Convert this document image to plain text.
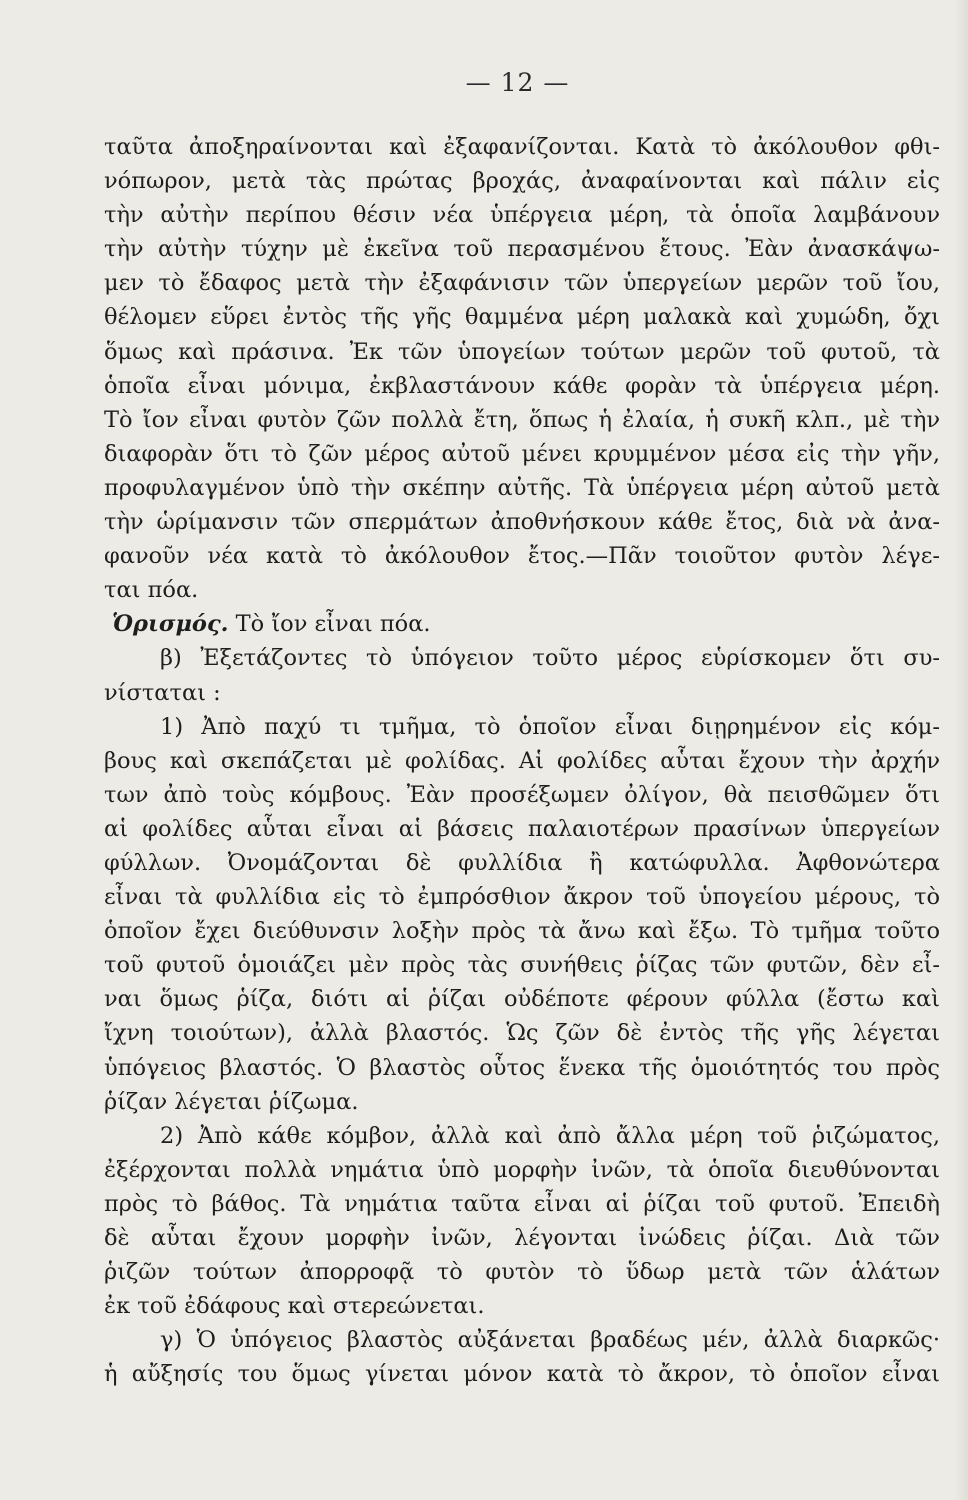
— 12 —
ταῦτα ἀποξηραίνονται καὶ ἐξαφανίζονται. Κατὰ τὸ ἀκόλουθον φθι-
νόπωρον, μετὰ τὰς πρώτας βροχάς, ἀναφαίνονται καὶ πάλιν εἰς
τὴν αὐτὴν περίπου θέσιν νέα ὑπέργεια μέρη, τὰ ὁποῖα λαμβάνουν
τὴν αὐτὴν τύχην μὲ ἐκεῖνα τοῦ περασμένου ἔτους. Ἐὰν ἀνασκάψω-
μεν τὸ ἔδαφος μετὰ τὴν ἐξαφάνισιν τῶν ὑπεργείων μερῶν τοῦ ἴου,
θέλομεν εὕρει ἐντὸς τῆς γῆς θαμμένα μέρη μαλακὰ καὶ χυμώδη, ὄχι
ὅμως καὶ πράσινα. Ἐκ τῶν ὑπογείων τούτων μερῶν τοῦ φυτοῦ, τὰ
ὁποῖα εἶναι μόνιμα, ἐκβλαστάνουν κάθε φορὰν τὰ ὑπέργεια μέρη.
Τὸ ἴον εἶναι φυτὸν ζῶν πολλὰ ἔτη, ὅπως ἡ ἐλαία, ἡ συκῆ κλπ., μὲ τὴν
διαφορὰν ὅτι τὸ ζῶν μέρος αὐτοῦ μένει κρυμμένον μέσα εἰς τὴν γῆν,
προφυλαγμένον ὑπὸ τὴν σκέπην αὐτῆς. Τὰ ὑπέργεια μέρη αὐτοῦ μετὰ
τὴν ὡρίμανσιν τῶν σπερμάτων ἀποθνήσκουν κάθε ἔτος, διὰ νὰ ἀνα-
φανοῦν νέα κατὰ τὸ ἀκόλουθον ἔτος.—Πᾶν τοιοῦτον φυτὸν λέγε-
ται πόα.
Ὁρισμός. Τὸ ἴον εἶναι πόα.
β) Ἐξετάζοντες τὸ ὑπόγειον τοῦτο μέρος εὑρίσκομεν ὅτι συ-
νίσταται :
1) Ἀπὸ παχύ τι τμῆμα, τὸ ὁποῖον εἶναι διῃρημένον εἰς κόμ-
βους καὶ σκεπάζεται μὲ φολίδας. Αἱ φολίδες αὗται ἔχουν τὴν ἀρχήν
των ἀπὸ τοὺς κόμβους. Ἐὰν προσέξωμεν ὀλίγον, θὰ πεισθῶμεν ὅτι
αἱ φολίδες αὗται εἶναι αἱ βάσεις παλαιοτέρων πρασίνων ὑπεργείων
φύλλων. Ὀνομάζονται δὲ φυλλίδια ἢ κατώφυλλα. Ἀφθονώτερα
εἶναι τὰ φυλλίδια εἰς τὸ ἐμπρόσθιον ἄκρον τοῦ ὑπογείου μέρους, τὸ
ὁποῖον ἔχει διεύθυνσιν λοξὴν πρὸς τὰ ἄνω καὶ ἔξω. Τὸ τμῆμα τοῦτο
τοῦ φυτοῦ ὁμοιάζει μὲν πρὸς τὰς συνήθεις ῥίζας τῶν φυτῶν, δὲν εἶ-
ναι ὅμως ῥίζα, διότι αἱ ῥίζαι οὐδέποτε φέρουν φύλλα (ἔστω καὶ
ἴχνη τοιούτων), ἀλλὰ βλαστός. Ὡς ζῶν δὲ ἐντὸς τῆς γῆς λέγεται
ὑπόγειος βλαστός. Ὁ βλαστὸς οὗτος ἕνεκα τῆς ὁμοιότητός του πρὸς
ῥίζαν λέγεται ῥίζωμα.
2) Ἀπὸ κάθε κόμβον, ἀλλὰ καὶ ἀπὸ ἄλλα μέρη τοῦ ῥιζώματος,
ἐξέρχονται πολλὰ νημάτια ὑπὸ μορφὴν ἰνῶν, τὰ ὁποῖα διευθύνονται
πρὸς τὸ βάθος. Τὰ νημάτια ταῦτα εἶναι αἱ ῥίζαι τοῦ φυτοῦ. Ἐπειδὴ
δὲ αὗται ἔχουν μορφὴν ἰνῶν, λέγονται ἰνώδεις ῥίζαι. Διὰ τῶν
ῥιζῶν τούτων ἀπορροφᾷ τὸ φυτὸν τὸ ὕδωρ μετὰ τῶν ἁλάτων
ἐκ τοῦ ἐδάφους καὶ στερεώνεται.
γ) Ὁ ὑπόγειος βλαστὸς αὐξάνεται βραδέως μέν, ἀλλὰ διαρκῶς·
ἡ αὔξησίς του ὅμως γίνεται μόνον κατὰ τὸ ἄκρον, τὸ ὁποῖον εἶναι
